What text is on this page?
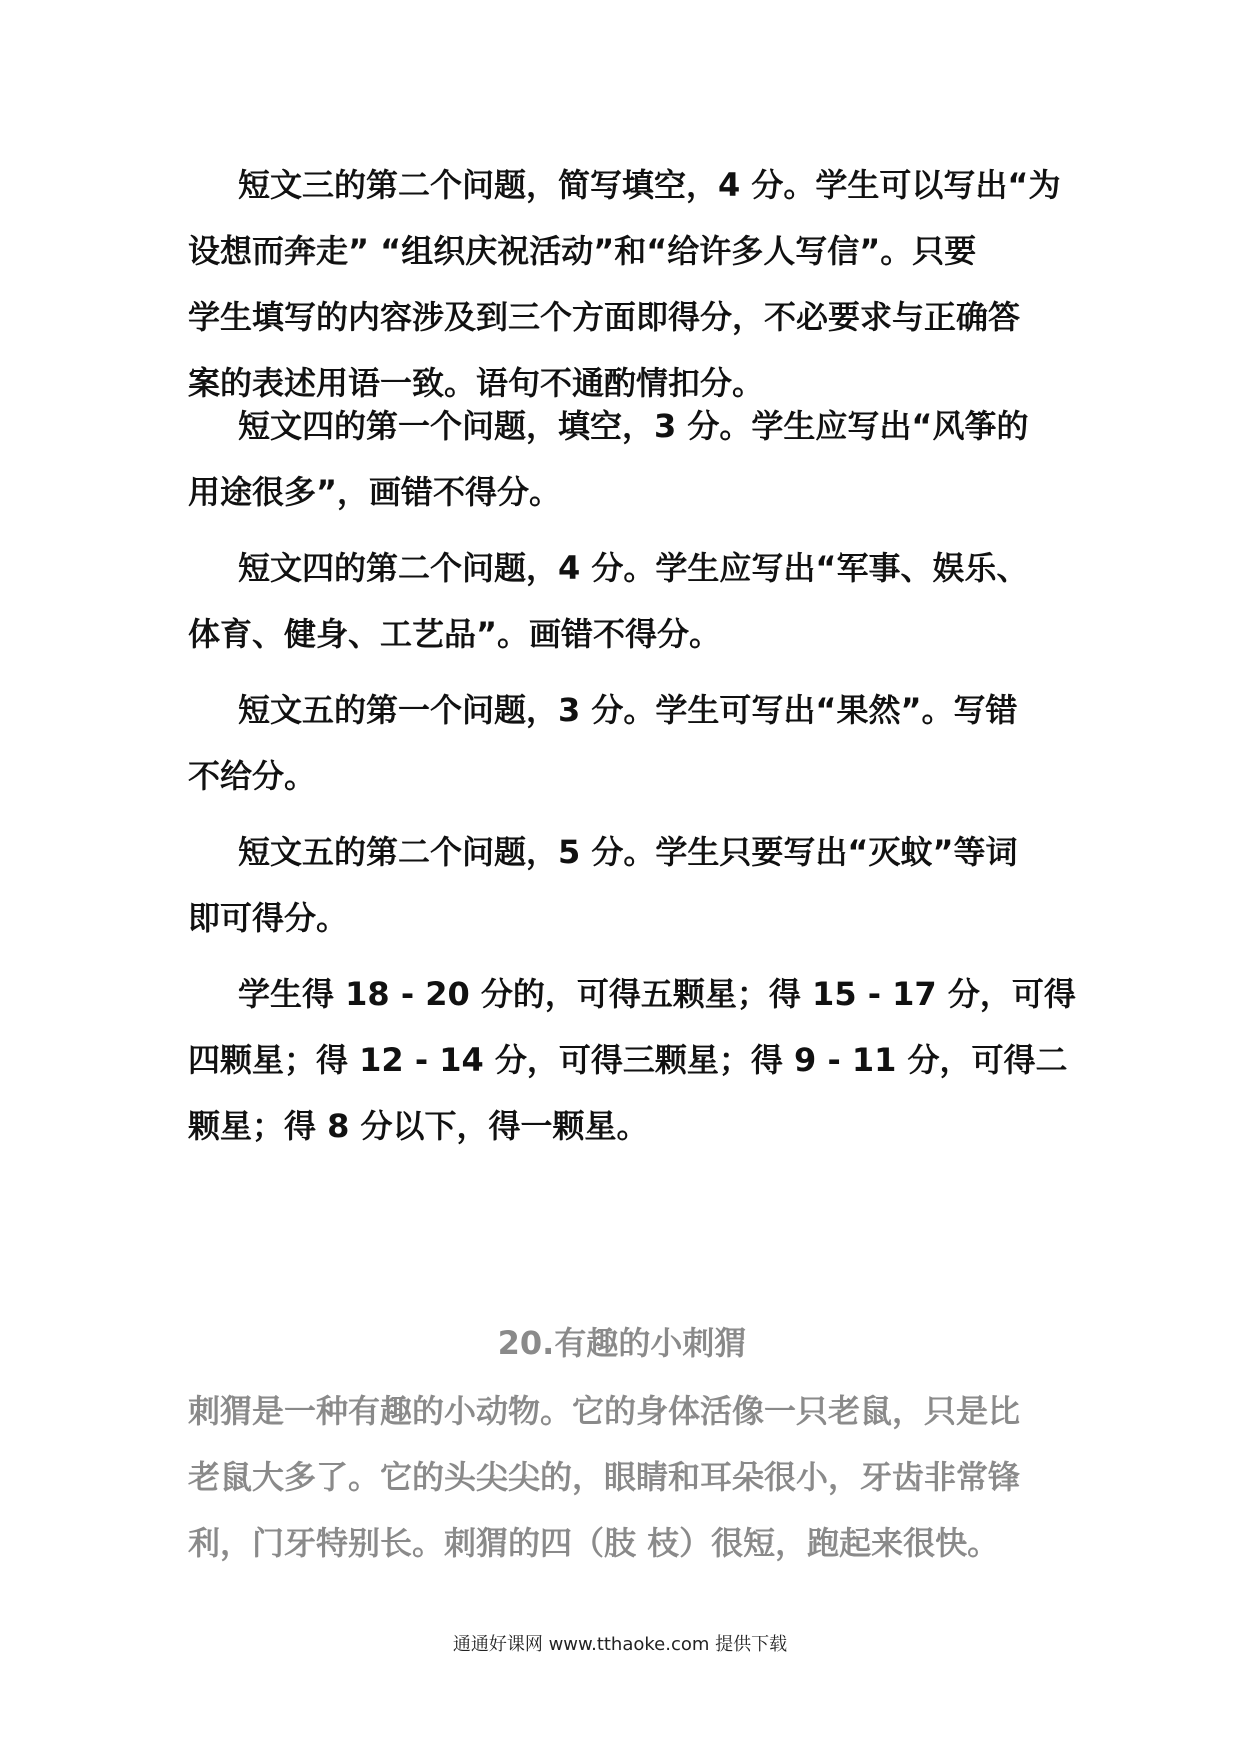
短文三的第二个问题，简写填空，4 分。学生可以写出“为
设想而奔走” “组织庆祝活动”和“给许多人写信”。只要
学生填写的内容涉及到三个方面即得分，不必要求与正确答
案的表述用语一致。语句不通酌情扣分。

短文四的第一个问题，填空，3 分。学生应写出“风筝的
用途很多”，画错不得分。

短文四的第二个问题，4 分。学生应写出“军事、娱乐、
体育、健身、工艺品”。画错不得分。

短文五的第一个问题，3 分。学生可写出“果然”。写错
不给分。

短文五的第二个问题，5 分。学生只要写出“灭蚊”等词
即可得分。

学生得 18 - 20 分的，可得五颗星；得 15 - 17 分，可得
四颗星；得 12 - 14 分，可得三颗星；得 9 - 11 分，可得二
颗星；得 8 分以下，得一颗星。

20.有趣的小刺猬

刺猬是一种有趣的小动物。它的身体活像一只老鼠，只是比
老鼠大多了。它的头尖尖的，眼睛和耳朵很小，牙齿非常锋
利，门牙特别长。刺猬的四（肢 枝）很短，跑起来很快。

通通好课网 www.tthaoke.com 提供下载
